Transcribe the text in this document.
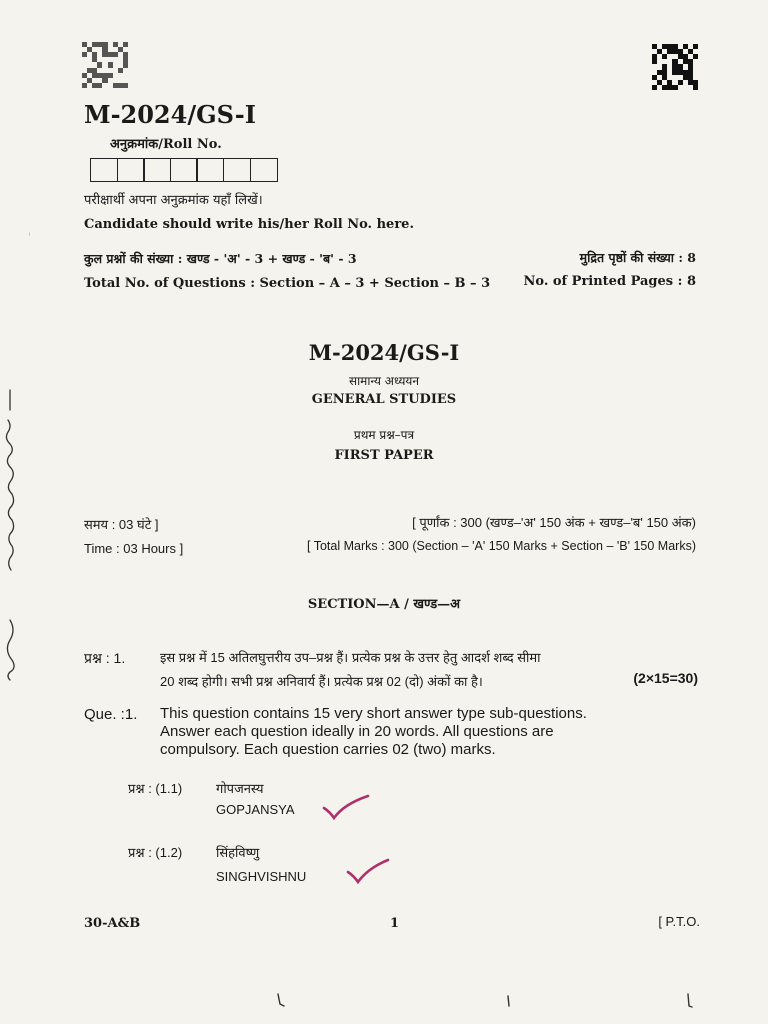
M-2024/GS-I
अनुक्रमांक/Roll No.
परीक्षार्थी अपना अनुक्रमांक यहाँ लिखें।
Candidate should write his/her Roll No. here.
कुल प्रश्नों की संख्या : खण्ड - 'अ' - 3 + खण्ड - 'ब' - 3	मुद्रित पृष्ठों की संख्या : 8
Total No. of Questions : Section – A – 3 + Section – B – 3	No. of Printed Pages : 8
M-2024/GS-I
सामान्य अध्ययन
GENERAL STUDIES
प्रथम प्रश्न–पत्र
FIRST PAPER
समय : 03 घंटे ]	[ पूर्णांक : 300 (खण्ड–'अ' 150 अंक + खण्ड–'ब' 150 अंक)
Time : 03 Hours ]	[ Total Marks : 300 (Section – 'A' 150 Marks + Section – 'B' 150 Marks)
SECTION—A / खण्ड—अ
प्रश्न : 1.	इस प्रश्न में 15 अतिलघुत्तरीय उप–प्रश्न हैं। प्रत्येक प्रश्न के उत्तर हेतु आदर्श शब्द सीमा
20 शब्द होगी। सभी प्रश्न अनिवार्य हैं। प्रत्येक प्रश्न 02 (दो) अंकों का है।	(2×15=30)
Que. :1. This question contains 15 very short answer type sub-questions.
Answer each question ideally in 20 words. All questions are
compulsory. Each question carries 02 (two) marks.
प्रश्न : (1.1)	गोपजनस्य
GOPJANSYA
प्रश्न : (1.2)	सिंहविष्णु
SINGHVISHNU
30-A&B	1	[ P.T.O.
